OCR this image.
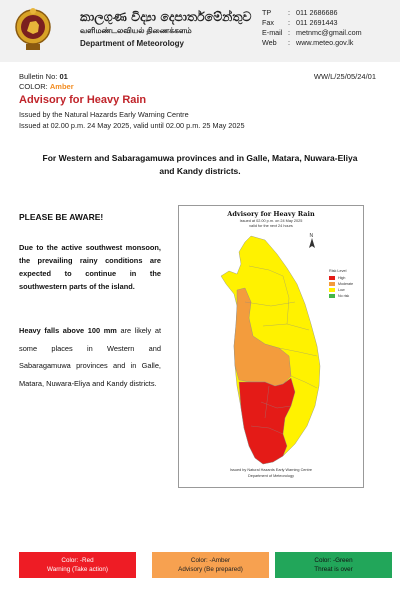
කාලගුණ විද්‍යා දෙපාර්තමේන්තුව
வளிமண்டலவியல் திணைக்களம்
Department of Meteorology
TP	: 011 2686686
Fax	: 011 2691443
E-mail : metnmc@gmail.com
Web	: www.meteo.gov.lk
Bulletin No: 01	WW/L/25/05/24/01
COLOR: Amber
Advisory for Heavy Rain
Issued by the Natural Hazards Early Warning Centre
Issued at 02.00 p.m. 24 May 2025, valid until 02.00 p.m. 25 May 2025
For Western and Sabaragamuwa provinces and in Galle, Matara, Nuwara-Eliya and Kandy districts.
PLEASE BE AWARE!
Due to the active southwest monsoon, the prevailing rainy conditions are expected to continue in the southwestern parts of the island.
Heavy falls above 100 mm are likely at some places in Western and Sabaragamuwa provinces and in Galle, Matara, Nuwara-Eliya and Kandy districts.
Advisory for Heavy Rain
Issued at 02.00 p.m. on 24 May 2025
valid for the next 24 hours
N
Risk Level
High
Moderate
Low
No risk
Issued by Natural Hazards Early Warning Centre
Department of Meteorology
Color: -Red
Warning (Take action)
Color: -Amber
Advisory (Be prepared)
Color: -Green
Threat is over
